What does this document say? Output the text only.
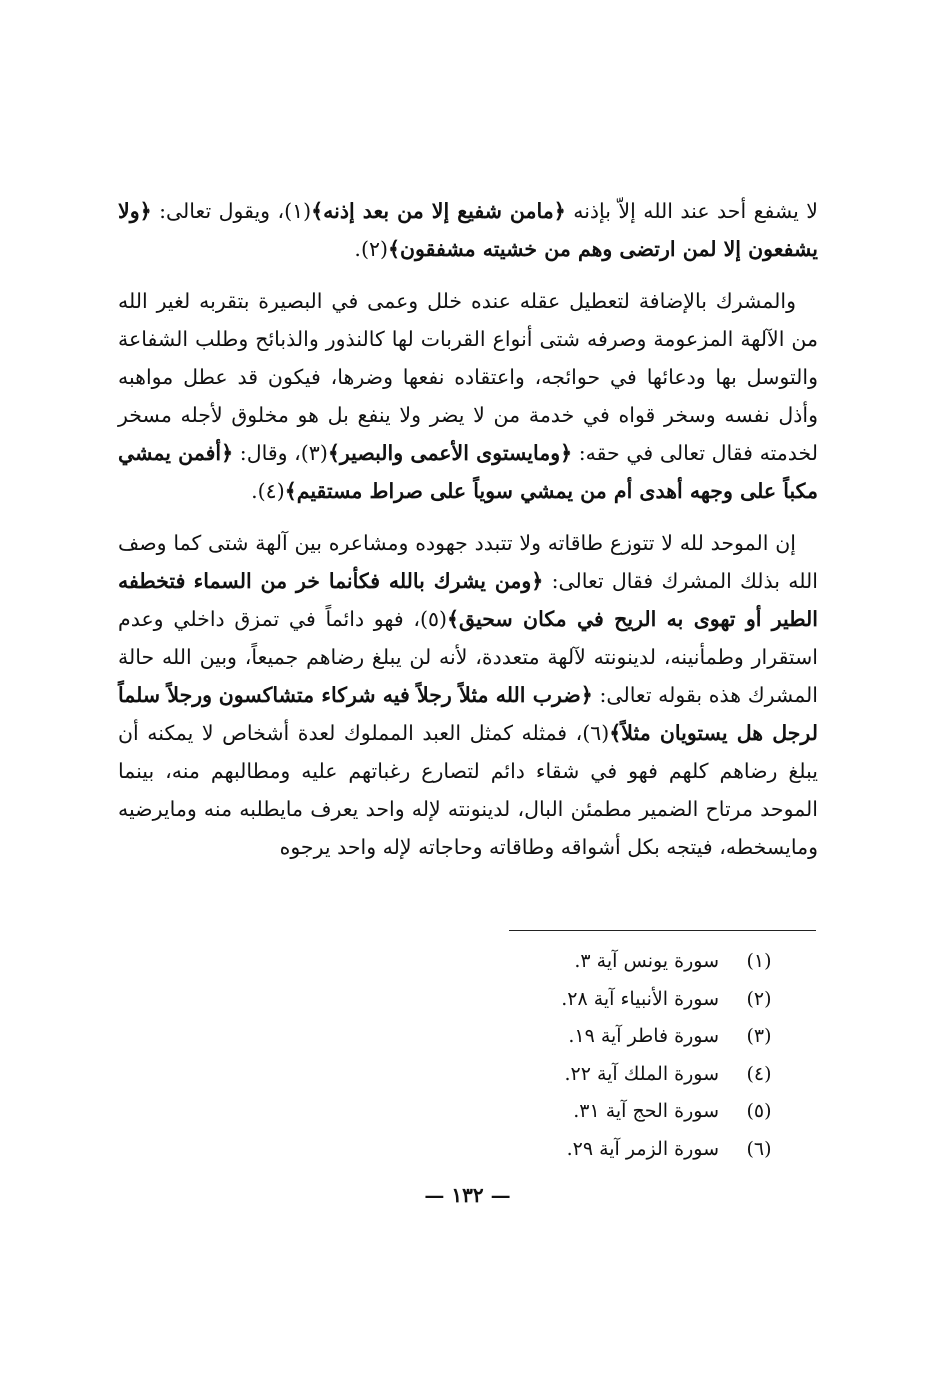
لا يشفع أحد عند الله إلاّ بإذنه ﴿مامن شفيع إلا من بعد إذنه﴾(١)، ويقول تعالى: ﴿ولا يشفعون إلا لمن ارتضى وهم من خشيته مشفقون﴾(٢).

والمشرك بالإضافة لتعطيل عقله عنده خلل وعمى في البصيرة بتقربه لغير الله من الآلهة المزعومة وصرفه شتى أنواع القربات لها كالنذور والذبائح وطلب الشفاعة والتوسل بها ودعائها في حوائجه، واعتقاده نفعها وضرها، فيكون قد عطل مواهبه وأذل نفسه وسخر قواه في خدمة من لا يضر ولا ينفع بل هو مخلوق لأجله مسخر لخدمته فقال تعالى في حقه: ﴿ومايستوى الأعمى والبصير﴾(٣)، وقال: ﴿أفمن يمشي مكباً على وجهه أهدى أم من يمشي سوياً على صراط مستقيم﴾(٤).

إن الموحد لله لا تتوزع طاقاته ولا تتبدد جهوده ومشاعره بين آلهة شتى كما وصف الله بذلك المشرك فقال تعالى: ﴿ومن يشرك بالله فكأنما خر من السماء فتخطفه الطير أو تهوى به الريح في مكان سحيق﴾(٥)، فهو دائماً في تمزق داخلي وعدم استقرار وطمأنينه، لدينونته لآلهة متعددة، لأنه لن يبلغ رضاهم جميعاً، وبين الله حالة المشرك هذه بقوله تعالى: ﴿ضرب الله مثلاً رجلاً فيه شركاء متشاكسون ورجلاً سلماً لرجل هل يستويان مثلاً﴾(٦)، فمثله كمثل العبد المملوك لعدة أشخاص لا يمكنه أن يبلغ رضاهم كلهم فهو في شقاء دائم لتصارع رغباتهم عليه ومطالبهم منه، بينما الموحد مرتاح الضمير مطمئن البال، لدينونته لإله واحد يعرف مايطلبه منه ومايرضيه ومايسخطه، فيتجه بكل أشواقه وطاقاته وحاجاته لإله واحد يرجوه

(١)
سورة يونس آية ٣.
(٢)
سورة الأنبياء آية ٢٨.
(٣)
سورة فاطر آية ١٩.
(٤)
سورة الملك آية ٢٢.
(٥)
سورة الحج آية ٣١.
(٦)
سورة الزمر آية ٢٩.
— ١٣٢ —
